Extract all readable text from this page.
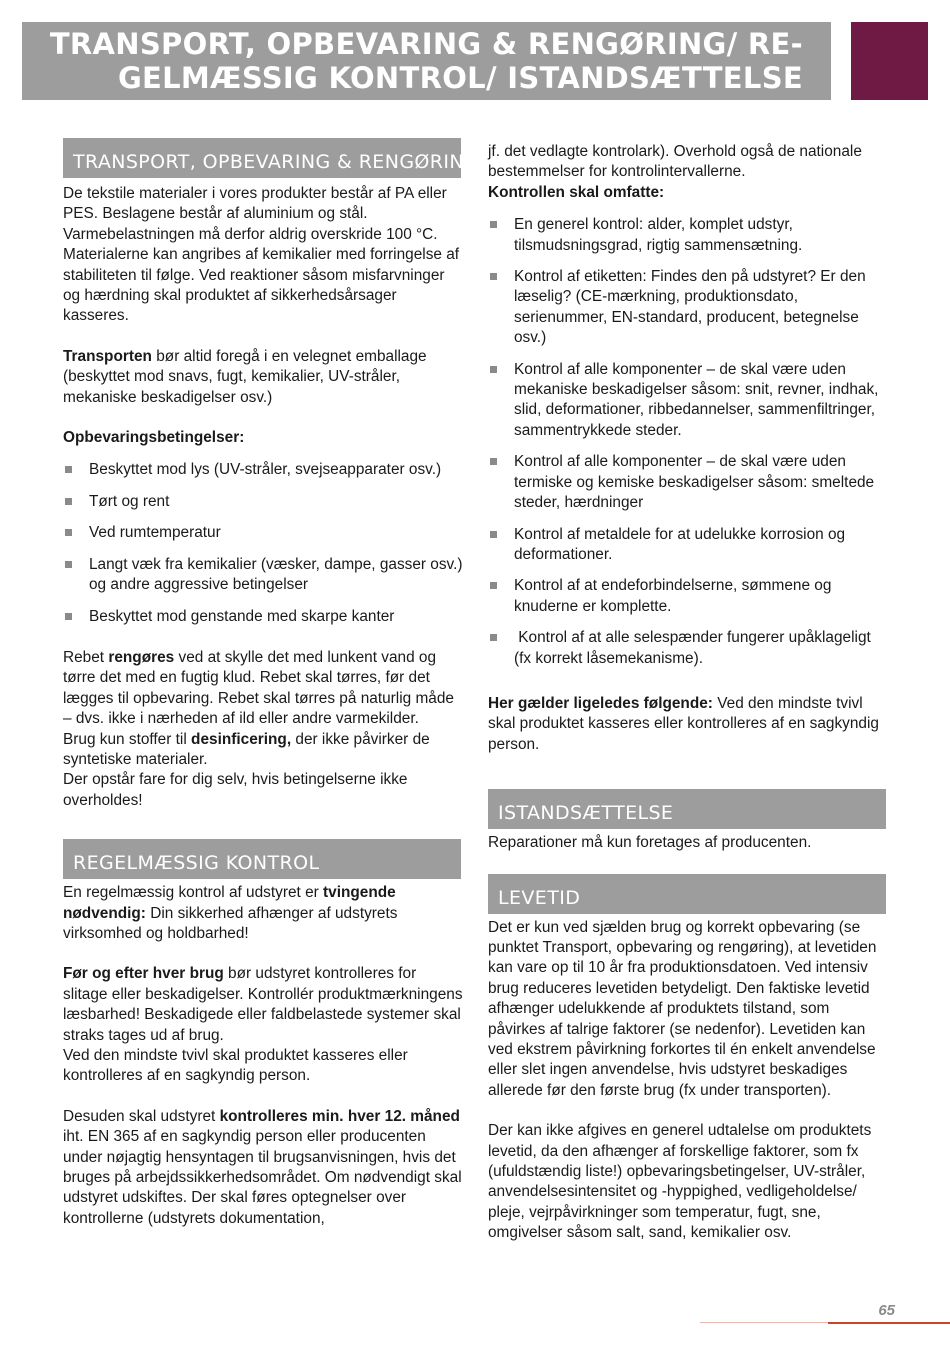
TRANSPORT, OPBEVARING & RENGØRING/ RE-
GELMÆSSIG KONTROL/ ISTANDSÆTTELSE
TRANSPORT, OPBEVARING & RENGØRING

De tekstile materialer i vores produkter består af PA eller PES. Beslagene består af aluminium og stål. Varmebelastningen må derfor aldrig overskride 100 °C. Materialerne kan angribes af kemikalier med forringelse af stabiliteten til følge. Ved reaktioner såsom misfarvninger og hærdning skal produktet af sikkerhedsårsager kasseres.

Transporten bør altid foregå i en velegnet emballage (beskyttet mod snavs, fugt, kemikalier, UV-stråler, mekaniske beskadigelser osv.)

Opbevaringsbetingelser:

Beskyttet mod lys (UV-stråler, svejseapparater osv.)
Tørt og rent
Ved rumtemperatur
Langt væk fra kemikalier (væsker, dampe, gasser osv.) og andre aggressive betingelser
Beskyttet mod genstande med skarpe kanter

Rebet rengøres ved at skylle det med lunkent vand og tørre det med en fugtig klud. Rebet skal tørres, før det lægges til opbevaring. Rebet skal tørres på naturlig måde – dvs. ikke i nærheden af ild eller andre varmekilder.

Brug kun stoffer til desinficering, der ikke påvirker de syntetiske materialer.

Der opstår fare for dig selv, hvis betingelserne ikke overholdes!

REGELMÆSSIG KONTROL

En regelmæssig kontrol af udstyret er tvingende nødvendig: Din sikkerhed afhænger af udstyrets virksomhed og holdbarhed!

Før og efter hver brug bør udstyret kontrolleres for slitage eller beskadigelser. Kontrollér produktmærkningens læsbarhed! Beskadigede eller faldbelastede systemer skal straks tages ud af brug.

Ved den mindste tvivl skal produktet kasseres eller kontrolleres af en sagkyndig person.

Desuden skal udstyret kontrolleres min. hver 12. måned iht. EN 365 af en sagkyndig person eller producenten under nøjagtig hensyntagen til brugsanvisningen, hvis det bruges på arbejdssikkerhedsområdet. Om nødvendigt skal udstyret udskiftes. Der skal føres optegnelser over kontrollerne (udstyrets dokumentation,

jf. det vedlagte kontrolark). Overhold også de nationale bestemmelser for kontrolintervallerne.

Kontrollen skal omfatte:

En generel kontrol: alder, komplet udstyr, tilsmudsningsgrad, rigtig sammensætning.
Kontrol af etiketten: Findes den på udstyret? Er den læselig? (CE-mærkning, produktionsdato, serienummer, EN-standard, producent, betegnelse osv.)
Kontrol af alle komponenter – de skal være uden mekaniske beskadigelser såsom: snit, revner, indhak, slid, deformationer, ribbedannelser, sammenfiltringer, sammentrykkede steder.
Kontrol af alle komponenter – de skal være uden termiske og kemiske beskadigelser såsom: smeltede steder, hærdninger
Kontrol af metaldele for at udelukke korrosion og deformationer.
Kontrol af at endeforbindelserne, sømmene og knuderne er komplette.
Kontrol af at alle selespænder fungerer upåklageligt (fx korrekt låsemekanisme).

Her gælder ligeledes følgende: Ved den mindste tvivl skal produktet kasseres eller kontrolleres af en sagkyndig person.

ISTANDSÆTTELSE

Reparationer må kun foretages af producenten.

LEVETID

Det er kun ved sjælden brug og korrekt opbevaring (se punktet Transport, opbevaring og rengøring), at levetiden kan vare op til 10 år fra produktionsdatoen. Ved intensiv brug reduceres levetiden betydeligt. Den faktiske levetid afhænger udelukkende af produktets tilstand, som påvirkes af talrige faktorer (se nedenfor). Levetiden kan ved ekstrem påvirkning forkortes til én enkelt anvendelse eller slet ingen anvendelse, hvis udstyret beskadiges allerede før den første brug (fx under transporten).

Der kan ikke afgives en generel udtalelse om produktets levetid, da den afhænger af forskellige faktorer, som fx (ufuldstændig liste!) opbevaringsbetingelser, UV-stråler, anvendelsesintensitet og -hyppighed, vedligeholdelse/ pleje, vejrpåvirkninger som temperatur, fugt, sne, omgivelser såsom salt, sand, kemikalier osv.

65
